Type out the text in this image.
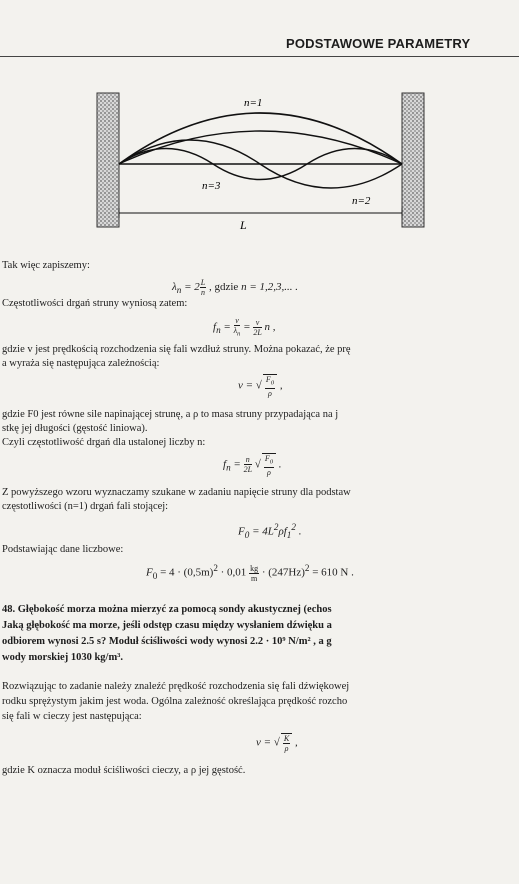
PODSTAWOWE PARAMETRY
n=1
n=3
n=2
L
Tak więc zapiszemy:
$\lambda_n = 2 \frac{L}{n}$ , gdzie n = 1,2,3,... .
Częstotliwości drgań struny wyniosą zatem:
$f_n = \frac{v}{\lambda_n} = \frac{v}{2L}$ n ,
gdzie v jest prędkością rozchodzenia się fali wzdłuż struny. Można pokazać, że prę
a wyraża się następująca zależnością:
v = √ $\frac{F_0}{\rho}$ ,
gdzie F0 jest równe sile napinającej strunę, a ρ to masa struny przypadająca na j
stkę jej długości (gęstość liniowa).
Czyli częstotliwość drgań dla ustalonej liczby n:
$f_n = \frac{n}{2L}$ √ $\frac{F_0}{\rho}$ .
Z powyższego wzoru wyznaczamy szukane w zadaniu napięcie struny dla podstaw
częstotliwości (n=1) drgań fali stojącej:
$F_0 = 4L^2\rho f_1^2$ .
Podstawiając dane liczbowe:
$F_0 = 4 \cdot (0,5m)^2 \cdot 0,01 \frac{kg}{m} \cdot (247Hz)^2 = 610$ N .
48. Głębokość morza można mierzyć za pomocą sondy akustycznej (echos
Jaką głębokość ma morze, jeśli odstęp czasu między wysłaniem dźwięku a
odbiorem wynosi 2.5 s? Moduł ściśliwości wody wynosi 2.2 · 10⁹ N/m² , a g
wody morskiej 1030 kg/m³.
Rozwiązując to zadanie należy znaleźć prędkość rozchodzenia się fali dźwiękowej
rodku sprężystym jakim jest woda. Ogólna zależność określająca prędkość rozcho
się fali w cieczy jest następująca:
v = √ $\frac{K}{\rho}$ ,
gdzie K oznacza moduł ściśliwości cieczy, a ρ jej gęstość.
